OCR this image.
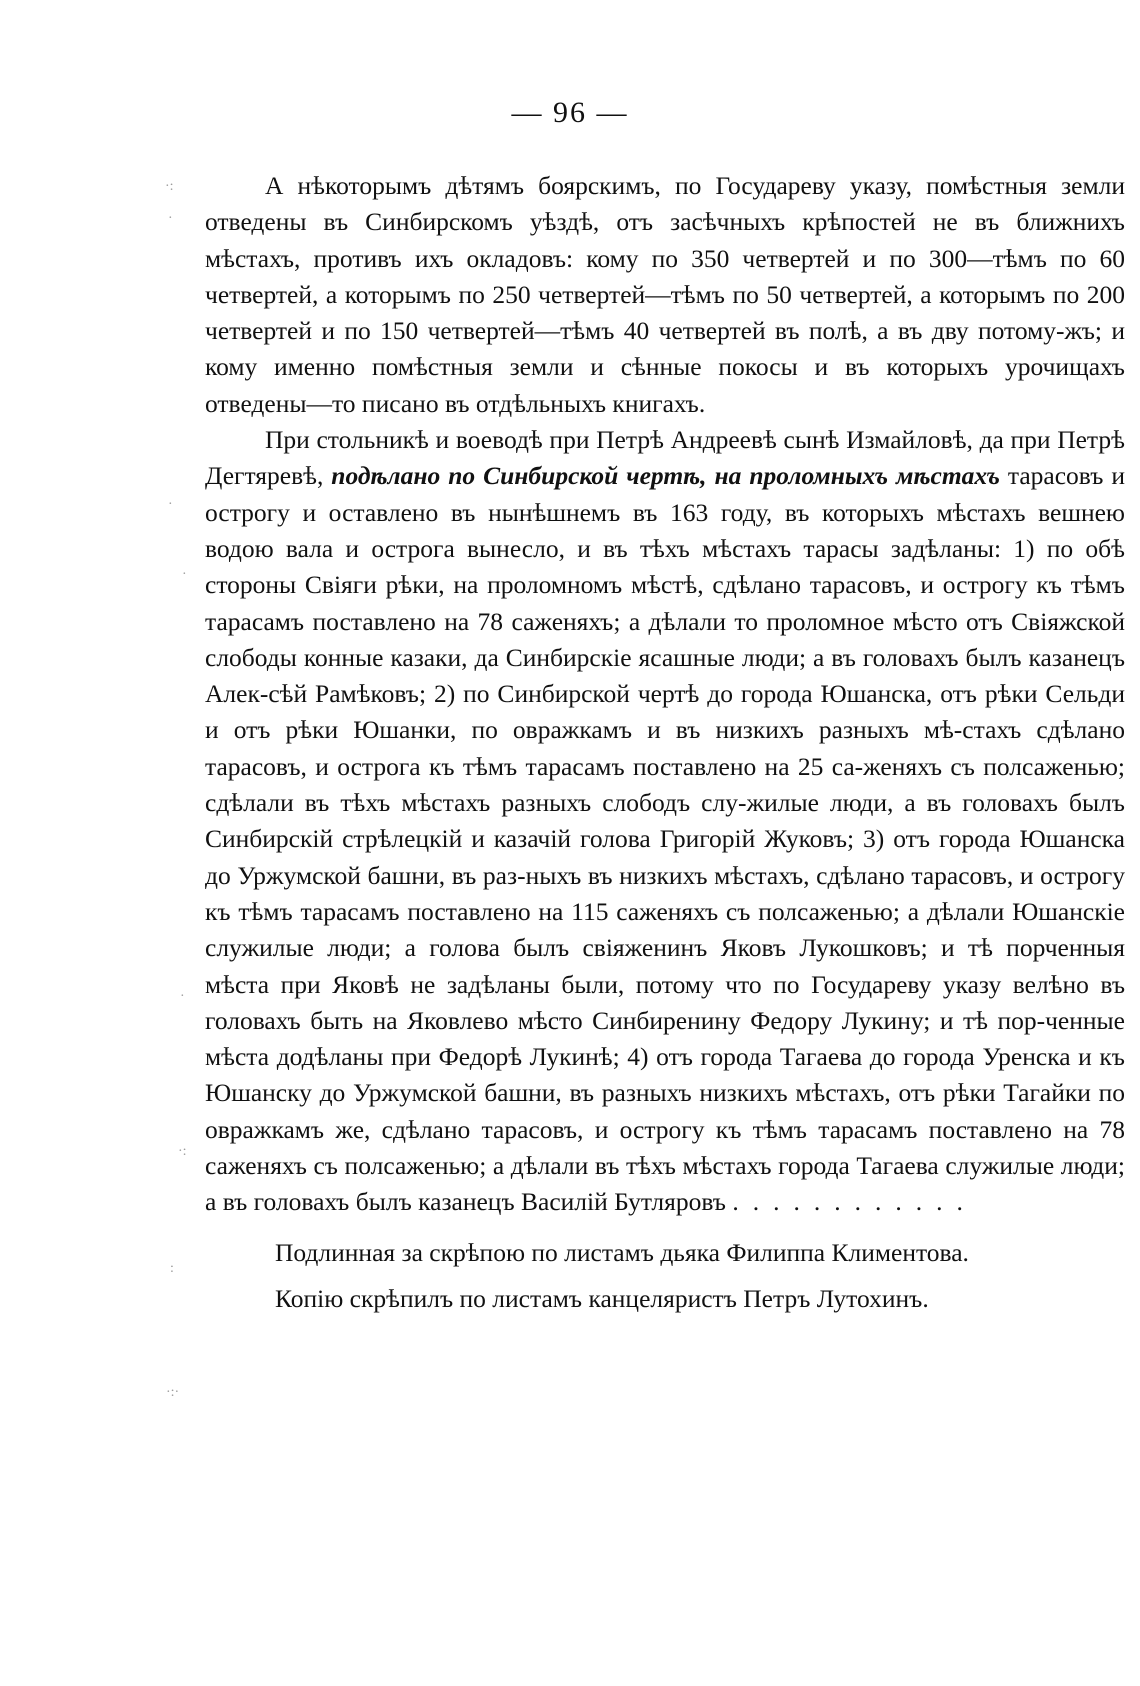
— 96 —

А нѣкоторымъ дѣтямъ боярскимъ, по Государеву указу, помѣстныя земли отведены въ Синбирскомъ уѣздѣ, отъ засѣчныхъ крѣпостей не въ ближнихъ мѣстахъ, противъ ихъ окладовъ: кому по 350 четвертей и по 300—тѣмъ по 60 четвертей, а которымъ по 250 четвертей—тѣмъ по 50 четвертей, а которымъ по 200 четвертей и по 150 четвертей—тѣмъ 40 четвертей въ полѣ, а въ дву потому-жъ; и кому именно помѣстныя земли и сѣнные покосы и въ которыхъ урочищахъ отведены—то писано въ отдѣльныхъ книгахъ.

При стольникѣ и воеводѣ при Петрѣ Андреевѣ сынѣ Измайловѣ, да при Петрѣ Дегтяревѣ, подѣлано по Синбирской чертѣ, на проломныхъ мѣстахъ тарасовъ и острогу и оставлено въ нынѣшнемъ въ 163 году, въ которыхъ мѣстахъ вешнею водою вала и острога вынесло, и въ тѣхъ мѣстахъ тарасы задѣланы: 1) по обѣ стороны Свіяги рѣки, на проломномъ мѣстѣ, сдѣлано тарасовъ, и острогу къ тѣмъ тарасамъ поставлено на 78 саженяхъ; а дѣлали то проломное мѣсто отъ Свіяжской слободы конные казаки, да Синбирскіе ясашные люди; а въ головахъ былъ казанецъ Алек-сѣй Рамѣковъ; 2) по Синбирской чертѣ до города Юшанска, отъ рѣки Сельди и отъ рѣки Юшанки, по овражкамъ и въ низкихъ разныхъ мѣ-стахъ сдѣлано тарасовъ, и острога къ тѣмъ тарасамъ поставлено на 25 са-женяхъ съ полсаженью; сдѣлали въ тѣхъ мѣстахъ разныхъ слободъ слу-жилые люди, а въ головахъ былъ Синбирскій стрѣлецкій и казачій голова Григорій Жуковъ; 3) отъ города Юшанска до Уржумской башни, въ раз-ныхъ въ низкихъ мѣстахъ, сдѣлано тарасовъ, и острогу къ тѣмъ тарасамъ поставлено на 115 саженяхъ съ полсаженью; а дѣлали Юшанскіе служилые люди; а голова былъ свіяженинъ Яковъ Лукошковъ; и тѣ порченныя мѣста при Яковѣ не задѣланы были, потому что по Государеву указу велѣно въ головахъ быть на Яковлево мѣсто Синбиренину Федору Лукину; и тѣ пор-ченные мѣста додѣланы при Федорѣ Лукинѣ; 4) отъ города Тагаева до города Уренска и къ Юшанску до Уржумской башни, въ разныхъ низкихъ мѣстахъ, отъ рѣки Тагайки по овражкамъ же, сдѣлано тарасовъ, и острогу къ тѣмъ тарасамъ поставлено на 78 саженяхъ съ полсаженью; а дѣлали въ тѣхъ мѣстахъ города Тагаева служилые люди; а въ головахъ былъ казанецъ Василій Бутляровъ ............

Подлинная за скрѣпою по листамъ дьяка Филиппа Климентова.

Копію скрѣпилъ по листамъ канцеляристъ Петръ Лутохинъ.

·:
·
·
·
·
·:
:
·:·
